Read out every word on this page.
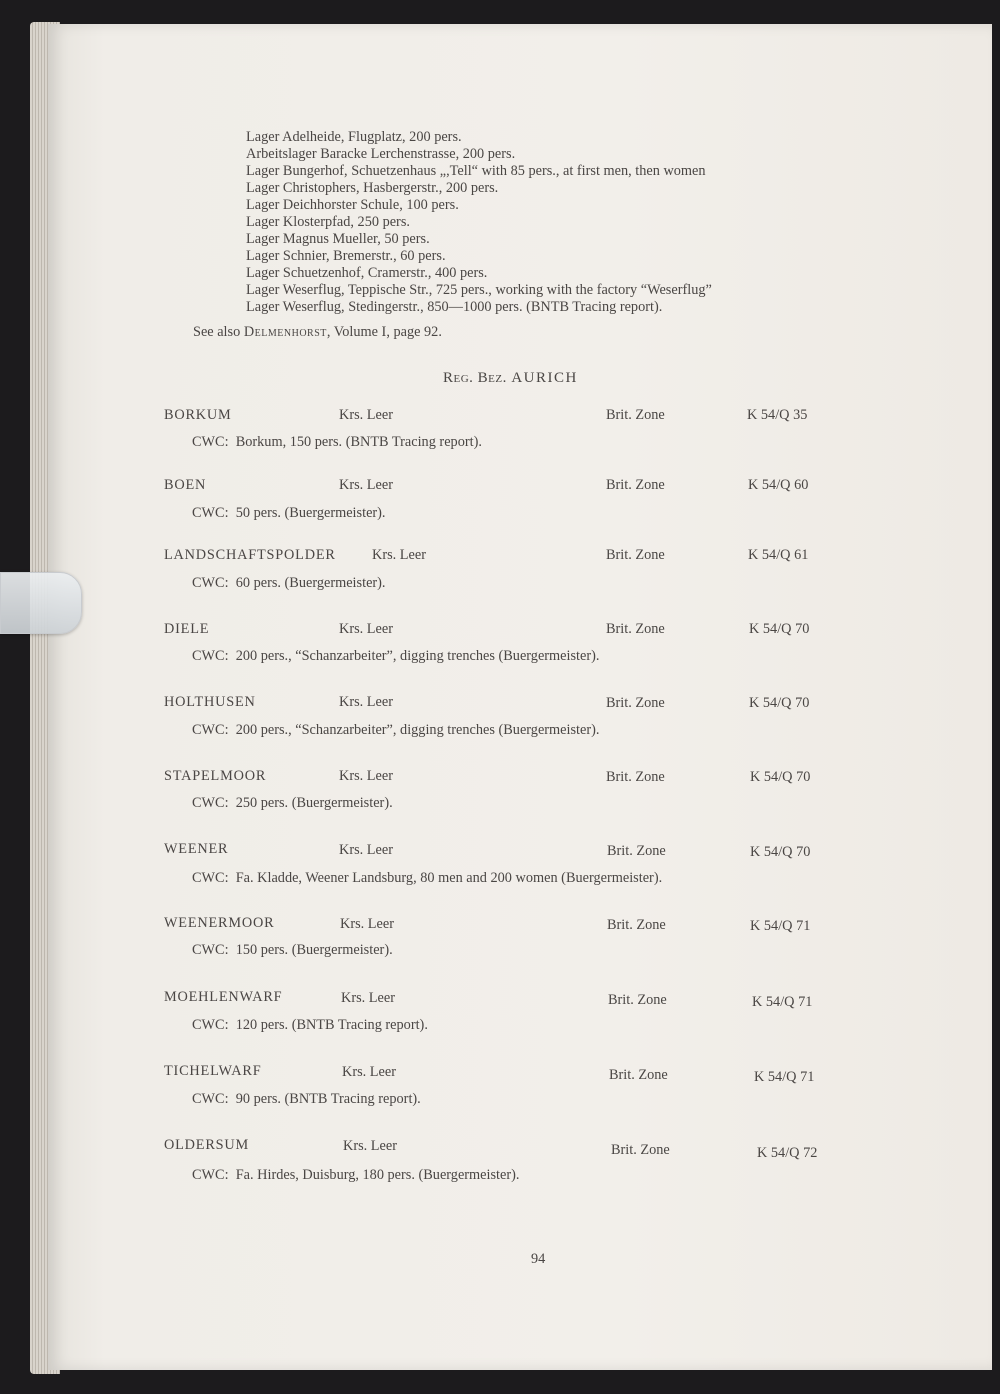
Lager Adelheide, Flugplatz, 200 pers.
Arbeitslager Baracke Lerchenstrasse, 200 pers.
Lager Bungerhof, Schuetzenhaus „,Tell“ with 85 pers., at first men, then women
Lager Christophers, Hasbergerstr., 200 pers.
Lager Deichhorster Schule, 100 pers.
Lager Klosterpfad, 250 pers.
Lager Magnus Mueller, 50 pers.
Lager Schnier, Bremerstr., 60 pers.
Lager Schuetzenhof, Cramerstr., 400 pers.
Lager Weserflug, Teppische Str., 725 pers., working with the factory “Weserflug”
Lager Weserflug, Stedingerstr., 850—1000 pers. (BNTB Tracing report).
See also Delmenhorst, Volume I, page 92.
Reg. Bez. AURICH
BORKUM	Krs. Leer	Brit. Zone	K 54/Q 35
CWC: Borkum, 150 pers. (BNTB Tracing report).
BOEN	Krs. Leer	Brit. Zone	K 54/Q 60
CWC: 50 pers. (Buergermeister).
LANDSCHAFTSPOLDER	Krs. Leer	Brit. Zone	K 54/Q 61
CWC: 60 pers. (Buergermeister).
DIELE	Krs. Leer	Brit. Zone	K 54/Q 70
CWC: 200 pers., “Schanzarbeiter”, digging trenches (Buergermeister).
HOLTHUSEN	Krs. Leer	Brit. Zone	K 54/Q 70
CWC: 200 pers., “Schanzarbeiter”, digging trenches (Buergermeister).
STAPELMOOR	Krs. Leer	Brit. Zone	K 54/Q 70
CWC: 250 pers. (Buergermeister).
WEENER	Krs. Leer	Brit. Zone	K 54/Q 70
CWC: Fa. Kladde, Weener Landsburg, 80 men and 200 women (Buergermeister).
WEENERMOOR	Krs. Leer	Brit. Zone	K 54/Q 71
CWC: 150 pers. (Buergermeister).
MOEHLENWARF	Krs. Leer	Brit. Zone	K 54/Q 71
CWC: 120 pers. (BNTB Tracing report).
TICHELWARF	Krs. Leer	Brit. Zone	K 54/Q 71
CWC: 90 pers. (BNTB Tracing report).
OLDERSUM	Krs. Leer	Brit. Zone	K 54/Q 72
CWC: Fa. Hirdes, Duisburg, 180 pers. (Buergermeister).
94
